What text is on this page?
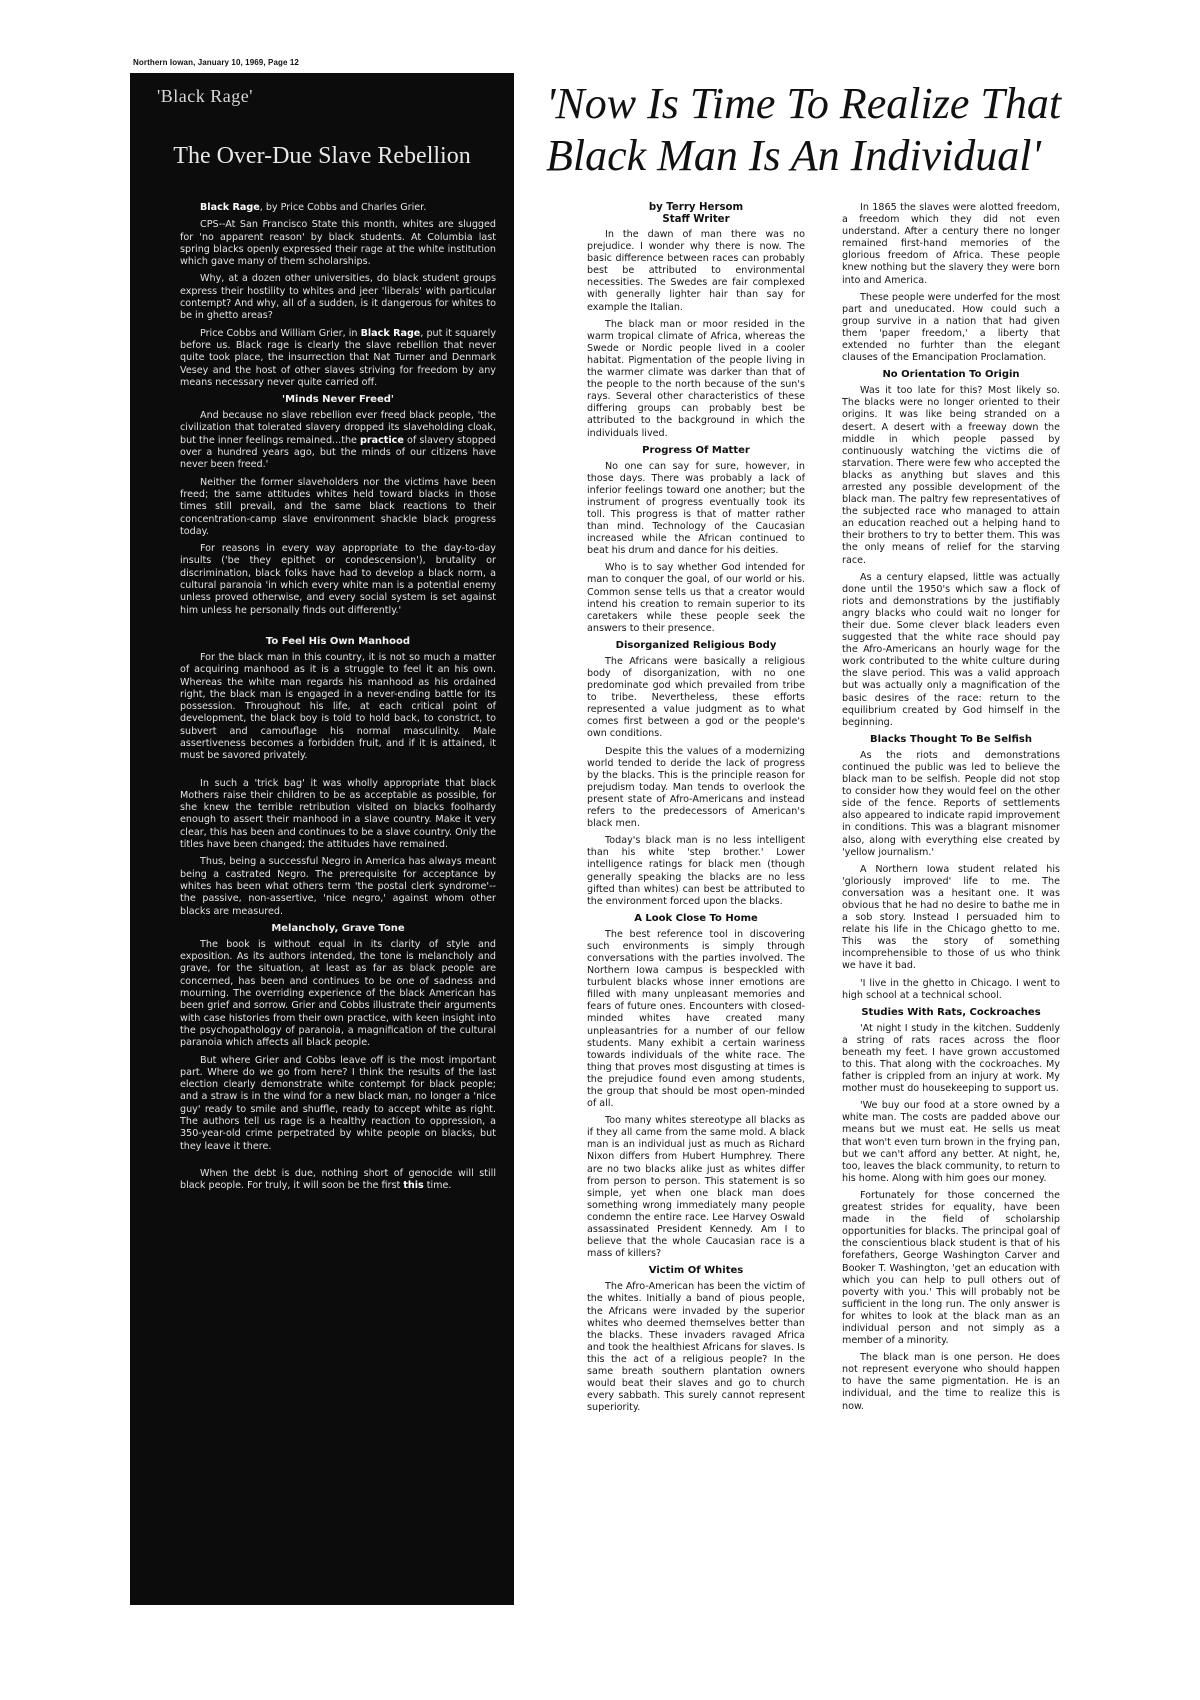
Northern Iowan, January 10, 1969, Page 12
'Black Rage'
The Over-Due Slave Rebellion

Black Rage, by Price Cobbs and Charles Grier.

CPS--At San Francisco State this month, whites are slugged for 'no apparent reason' by black students. At Columbia last spring blacks openly expressed their rage at the white institution which gave many of them scholarships.

Why, at a dozen other universities, do black student groups express their hostility to whites and jeer 'liberals' with particular contempt? And why, all of a sudden, is it dangerous for whites to be in ghetto areas?

Price Cobbs and William Grier, in Black Rage, put it squarely before us. Black rage is clearly the slave rebellion that never quite took place, the insurrection that Nat Turner and Denmark Vesey and the host of other slaves striving for freedom by any means necessary never quite carried off.

'Minds Never Freed'

And because no slave rebellion ever freed black people, 'the civilization that tolerated slavery dropped its slaveholding cloak, but the inner feelings remained...the practice of slavery stopped over a hundred years ago, but the minds of our citizens have never been freed.'

Neither the former slaveholders nor the victims have been freed; the same attitudes whites held toward blacks in those times still prevail, and the same black reactions to their concentration-camp slave environment shackle black progress today.

For reasons in every way appropriate to the day-to-day insults ('be they epithet or condescension'), brutality or discrimination, black folks have had to develop a black norm, a cultural paranoia 'in which every white man is a potential enemy unless proved otherwise, and every social system is set against him unless he personally finds out differently.'

To Feel His Own Manhood

For the black man in this country, it is not so much a matter of acquiring manhood as it is a struggle to feel it an his own. Whereas the white man regards his manhood as his ordained right, the black man is engaged in a never-ending battle for its possession. Throughout his life, at each critical point of development, the black boy is told to hold back, to constrict, to subvert and camouflage his normal masculinity. Male assertiveness becomes a forbidden fruit, and if it is attained, it must be savored privately.

In such a 'trick bag' it was wholly appropriate that black Mothers raise their children to be as acceptable as possible, for she knew the terrible retribution visited on blacks foolhardy enough to assert their manhood in a slave country. Make it very clear, this has been and continues to be a slave country. Only the titles have been changed; the attitudes have remained.

Thus, being a successful Negro in America has always meant being a castrated Negro. The prerequisite for acceptance by whites has been what others term 'the postal clerk syndrome'--the passive, non-assertive, 'nice negro,' against whom other blacks are measured.

Melancholy, Grave Tone

The book is without equal in its clarity of style and exposition. As its authors intended, the tone is melancholy and grave, for the situation, at least as far as black people are concerned, has been and continues to be one of sadness and mourning. The overriding experience of the black American has been grief and sorrow. Grier and Cobbs illustrate their arguments with case histories from their own practice, with keen insight into the psychopathology of paranoia, a magnification of the cultural paranoia which affects all black people.

But where Grier and Cobbs leave off is the most important part. Where do we go from here? I think the results of the last election clearly demonstrate white contempt for black people; and a straw is in the wind for a new black man, no longer a 'nice guy' ready to smile and shuffle, ready to accept white as right. The authors tell us rage is a healthy reaction to oppression, a 350-year-old crime perpetrated by white people on blacks, but they leave it there.

When the debt is due, nothing short of genocide will still black people. For truly, it will soon be the first this time.

'Now Is Time To Realize That
Black Man Is An Individual'
by Terry Hersom
Staff Writer

In the dawn of man there was no prejudice. I wonder why there is now. The basic difference between races can probably best be attributed to environmental necessities. The Swedes are fair complexed with generally lighter hair than say for example the Italian.

The black man or moor resided in the warm tropical climate of Africa, whereas the Swede or Nordic people lived in a cooler habitat. Pigmentation of the people living in the warmer climate was darker than that of the people to the north because of the sun's rays. Several other characteristics of these differing groups can probably best be attributed to the background in which the individuals lived.

Progress Of Matter

No one can say for sure, however, in those days. There was probably a lack of inferior feelings toward one another; but the instrument of progress eventually took its toll. This progress is that of matter rather than mind. Technology of the Caucasian increased while the African continued to beat his drum and dance for his deities.

Who is to say whether God intended for man to conquer the goal, of our world or his. Common sense tells us that a creator would intend his creation to remain superior to its caretakers while these people seek the answers to their presence.

Disorganized Religious Body

The Africans were basically a religious body of disorganization, with no one predominate god which prevailed from tribe to tribe. Nevertheless, these efforts represented a value judgment as to what comes first between a god or the people's own conditions.

Despite this the values of a modernizing world tended to deride the lack of progress by the blacks. This is the principle reason for prejudism today. Man tends to overlook the present state of Afro-Americans and instead refers to the predecessors of American's black men.

Today's black man is no less intelligent than his white 'step brother.' Lower intelligence ratings for black men (though generally speaking the blacks are no less gifted than whites) can best be attributed to the environment forced upon the blacks.

A Look Close To Home

The best reference tool in discovering such environments is simply through conversations with the parties involved. The Northern Iowa campus is bespeckled with turbulent blacks whose inner emotions are filled with many unpleasant memories and fears of future ones. Encounters with closed-minded whites have created many unpleasantries for a number of our fellow students. Many exhibit a certain wariness towards individuals of the white race. The thing that proves most disgusting at times is the prejudice found even among students, the group that should be most open-minded of all.

Too many whites stereotype all blacks as if they all came from the same mold. A black man is an individual just as much as Richard Nixon differs from Hubert Humphrey. There are no two blacks alike just as whites differ from person to person. This statement is so simple, yet when one black man does something wrong immediately many people condemn the entire race. Lee Harvey Oswald assassinated President Kennedy. Am I to believe that the whole Caucasian race is a mass of killers?

Victim Of Whites

The Afro-American has been the victim of the whites. Initially a band of pious people, the Africans were invaded by the superior whites who deemed themselves better than the blacks. These invaders ravaged Africa and took the healthiest Africans for slaves. Is this the act of a religious people? In the same breath southern plantation owners would beat their slaves and go to church every sabbath. This surely cannot represent superiority.

In 1865 the slaves were alotted freedom, a freedom which they did not even understand. After a century there no longer remained first-hand memories of the glorious freedom of Africa. These people knew nothing but the slavery they were born into and America.

These people were underfed for the most part and uneducated. How could such a group survive in a nation that had given them 'paper freedom,' a liberty that extended no furhter than the elegant clauses of the Emancipation Proclamation.

No Orientation To Origin

Was it too late for this? Most likely so. The blacks were no longer oriented to their origins. It was like being stranded on a desert. A desert with a freeway down the middle in which people passed by continuously watching the victims die of starvation. There were few who accepted the blacks as anything but slaves and this arrested any possible development of the black man. The paltry few representatives of the subjected race who managed to attain an education reached out a helping hand to their brothers to try to better them. This was the only means of relief for the starving race.

As a century elapsed, little was actually done until the 1950's which saw a flock of riots and demonstrations by the justifiably angry blacks who could wait no longer for their due. Some clever black leaders even suggested that the white race should pay the Afro-Americans an hourly wage for the work contributed to the white culture during the slave period. This was a valid approach but was actually only a magnification of the basic desires of the race: return to the equilibrium created by God himself in the beginning.

Blacks Thought To Be Selfish

As the riots and demonstrations continued the public was led to believe the black man to be selfish. People did not stop to consider how they would feel on the other side of the fence. Reports of settlements also appeared to indicate rapid improvement in conditions. This was a blagrant misnomer also, along with everything else created by 'yellow journalism.'

A Northern Iowa student related his 'gloriously improved' life to me. The conversation was a hesitant one. It was obvious that he had no desire to bathe me in a sob story. Instead I persuaded him to relate his life in the Chicago ghetto to me. This was the story of something incomprehensible to those of us who think we have it bad.

'I live in the ghetto in Chicago. I went to high school at a technical school.

Studies With Rats, Cockroaches

'At night I study in the kitchen. Suddenly a string of rats races across the floor beneath my feet. I have grown accustomed to this. That along with the cockroaches. My father is crippled from an injury at work. My mother must do housekeeping to support us.

'We buy our food at a store owned by a white man. The costs are padded above our means but we must eat. He sells us meat that won't even turn brown in the frying pan, but we can't afford any better. At night, he, too, leaves the black community, to return to his home. Along with him goes our money.

Fortunately for those concerned the greatest strides for equality, have been made in the field of scholarship opportunities for blacks. The principal goal of the conscientious black student is that of his forefathers, George Washington Carver and Booker T. Washington, 'get an education with which you can help to pull others out of poverty with you.' This will probably not be sufficient in the long run. The only answer is for whites to look at the black man as an individual person and not simply as a member of a minority.

The black man is one person. He does not represent everyone who should happen to have the same pigmentation. He is an individual, and the time to realize this is now.
